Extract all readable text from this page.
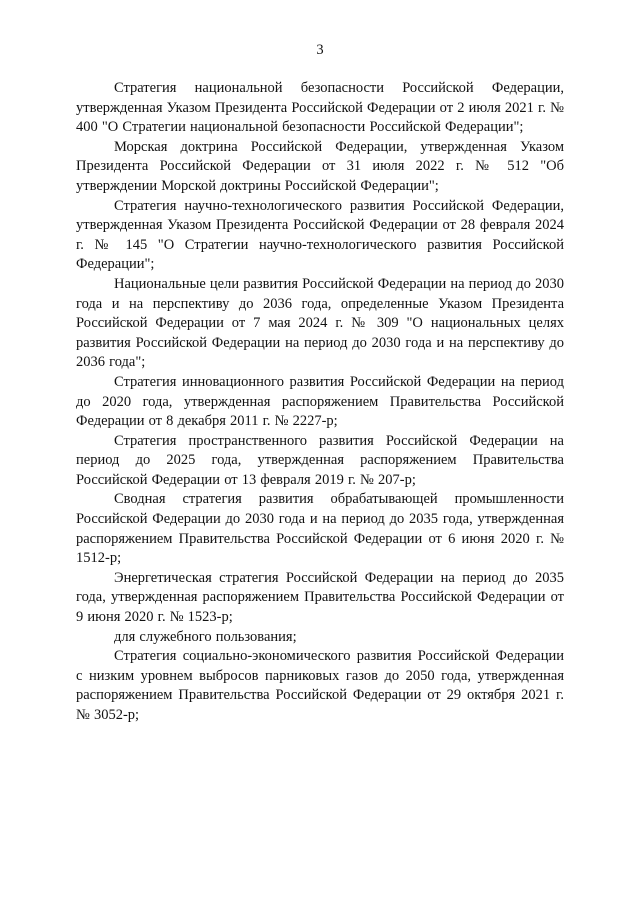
3

Стратегия национальной безопасности Российской Федерации, утвержденная Указом Президента Российской Федерации от 2 июля 2021 г. № 400 "О Стратегии национальной безопасности Российской Федерации";

Морская доктрина Российской Федерации, утвержденная Указом Президента Российской Федерации от 31 июля 2022 г. № 512 "Об утверждении Морской доктрины Российской Федерации";

Стратегия научно-технологического развития Российской Федерации, утвержденная Указом Президента Российской Федерации от 28 февраля 2024 г. № 145 "О Стратегии научно-технологического развития Российской Федерации";

Национальные цели развития Российской Федерации на период до 2030 года и на перспективу до 2036 года, определенные Указом Президента Российской Федерации от 7 мая 2024 г. № 309 "О национальных целях развития Российской Федерации на период до 2030 года и на перспективу до 2036 года";

Стратегия инновационного развития Российской Федерации на период до 2020 года, утвержденная распоряжением Правительства Российской Федерации от 8 декабря 2011 г. № 2227-р;

Стратегия пространственного развития Российской Федерации на период до 2025 года, утвержденная распоряжением Правительства Российской Федерации от 13 февраля 2019 г. № 207-р;

Сводная стратегия развития обрабатывающей промышленности Российской Федерации до 2030 года и на период до 2035 года, утвержденная распоряжением Правительства Российской Федерации от 6 июня 2020 г. № 1512-р;

Энергетическая стратегия Российской Федерации на период до 2035 года, утвержденная распоряжением Правительства Российской Федерации от 9 июня 2020 г. № 1523-р;

для служебного пользования;

Стратегия социально-экономического развития Российской Федерации с низким уровнем выбросов парниковых газов до 2050 года, утвержденная распоряжением Правительства Российской Федерации от 29 октября 2021 г. № 3052-р;
